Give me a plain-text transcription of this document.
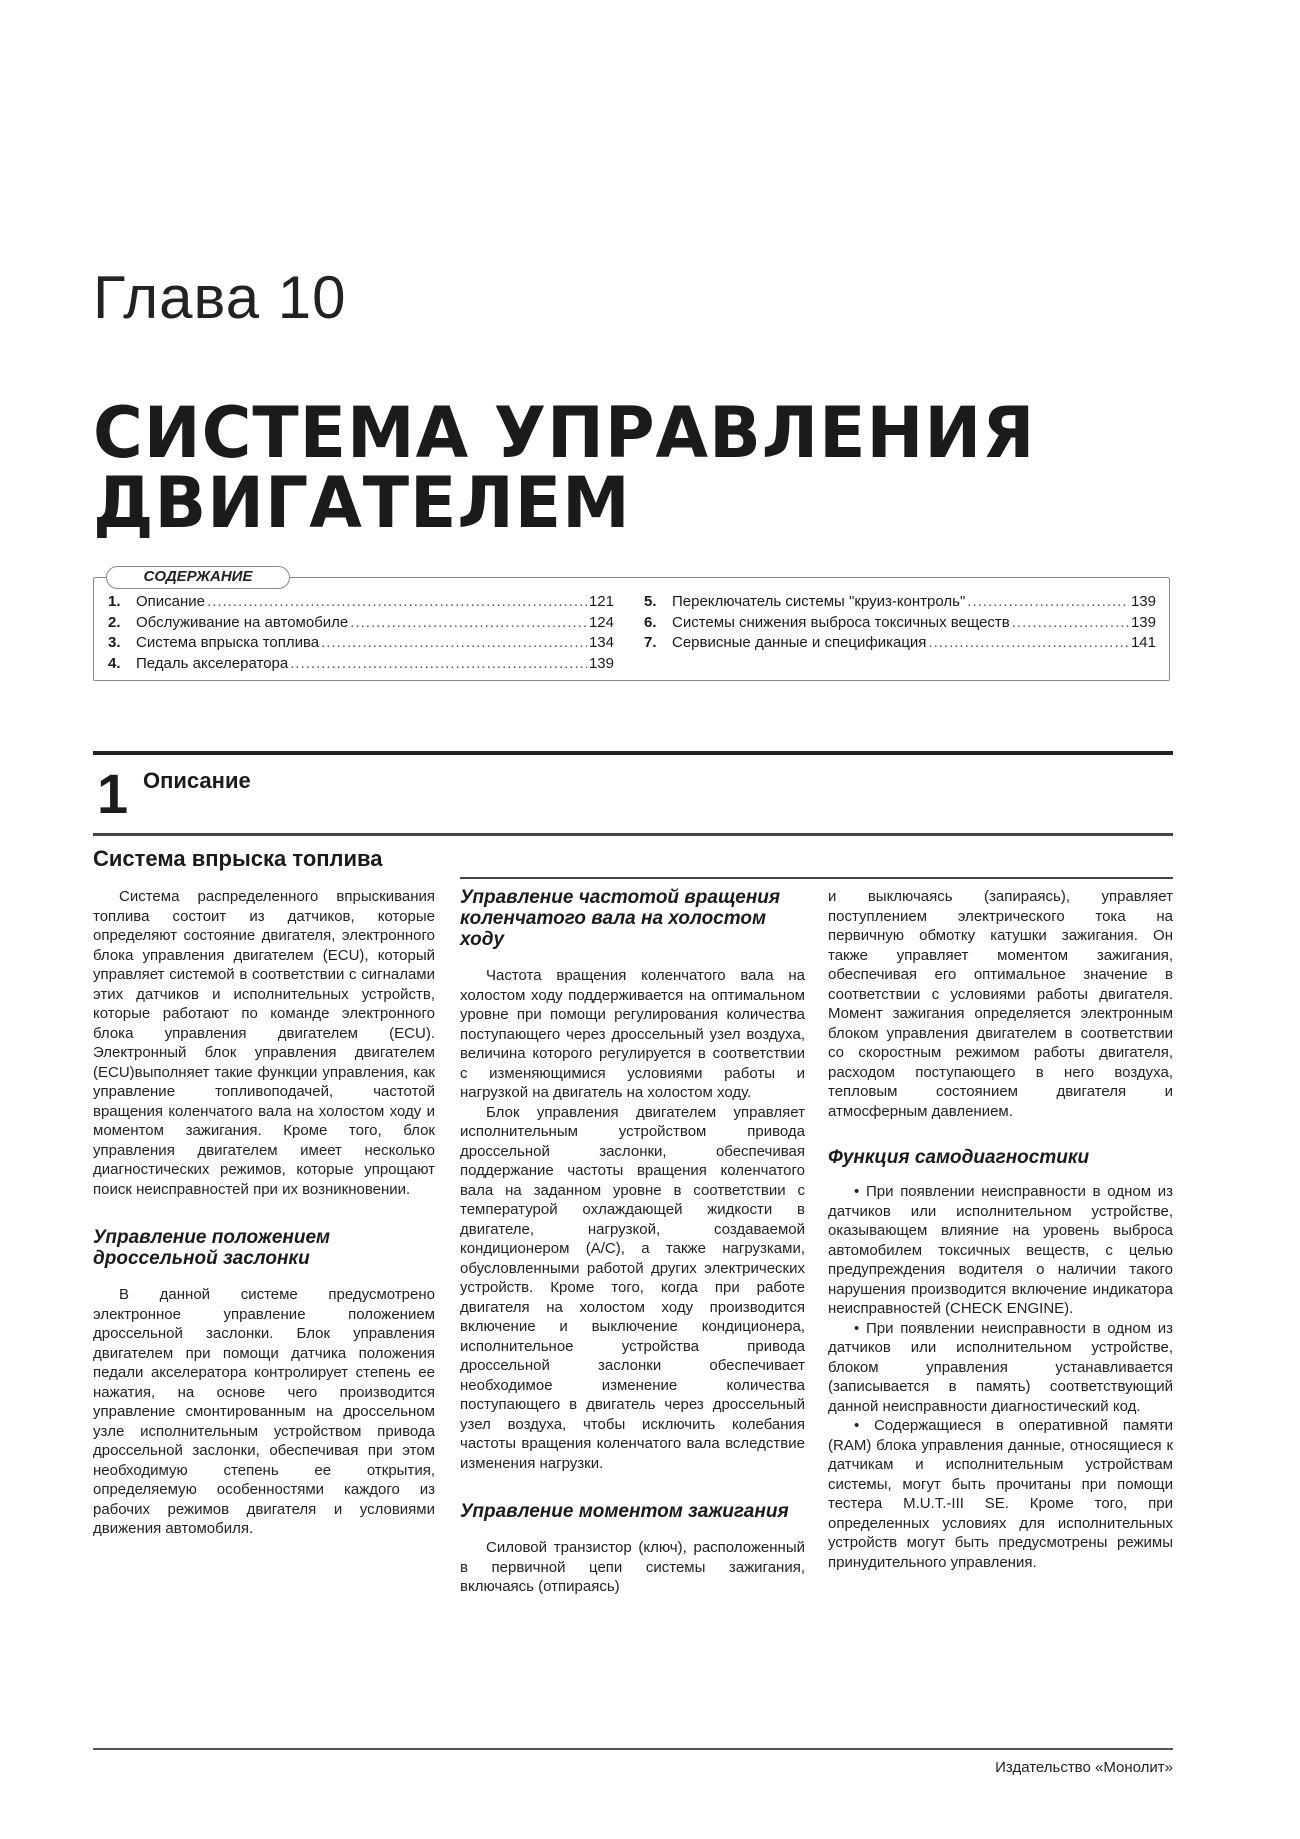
Глава 10
СИСТЕМА УПРАВЛЕНИЯ
ДВИГАТЕЛЕМ
СОДЕРЖАНИЕ
1.	Описание .....	121
2.	Обслуживание на автомобиле .....	124
3.	Система впрыска топлива .....	134
4.	Педаль акселератора .....	139
5.	Переключатель системы "круиз-контроль" .....	139
6.	Системы снижения выброса токсичных веществ .....	139
7.	Сервисные данные и спецификация .....	141
1 Описание
Система впрыска топлива

Система распределенного впрыскивания топлива состоит из датчиков, которые определяют состояние двигателя, электронного блока управления двигателем (ECU), который управляет системой в соответствии с сигналами этих датчиков и исполнительных устройств, которые работают по команде электронного блока управления двигателем (ECU). Электронный блок управления двигателем (ECU)выполняет такие функции управления, как управление топливоподачей, частотой вращения коленчатого вала на холостом ходу и моментом зажигания. Кроме того, блок управления двигателем имеет несколько диагностических режимов, которые упрощают поиск неисправностей при их возникновении.

Управление положением дроссельной заслонки

В данной системе предусмотрено электронное управление положением дроссельной заслонки. Блок управления двигателем при помощи датчика положения педали акселератора контролирует степень ее нажатия, на основе чего производится управление смонтированным на дроссельном узле исполнительным устройством привода дроссельной заслонки, обеспечивая при этом необходимую степень ее открытия, определяемую особенностями каждого из рабочих режимов двигателя и условиями движения автомобиля.

Управление частотой вращения коленчатого вала на холостом ходу

Частота вращения коленчатого вала на холостом ходу поддерживается на оптимальном уровне при помощи регулирования количества поступающего через дроссельный узел воздуха, величина которого регулируется в соответствии с изменяющимися условиями работы и нагрузкой на двигатель на холостом ходу.

Блок управления двигателем управляет исполнительным устройством привода дроссельной заслонки, обеспечивая поддержание частоты вращения коленчатого вала на заданном уровне в соответствии с температурой охлаждающей жидкости в двигателе, нагрузкой, создаваемой кондиционером (A/C), а также нагрузками, обусловленными работой других электрических устройств. Кроме того, когда при работе двигателя на холостом ходу производится включение и выключение кондиционера, исполнительное устройства привода дроссельной заслонки обеспечивает необходимое изменение количества поступающего в двигатель через дроссельный узел воздуха, чтобы исключить колебания частоты вращения коленчатого вала вследствие изменения нагрузки.

Управление моментом зажигания

Силовой транзистор (ключ), расположенный в первичной цепи системы зажигания, включаясь (отпираясь)

и выключаясь (запираясь), управляет поступлением электрического тока на первичную обмотку катушки зажигания. Он также управляет моментом зажигания, обеспечивая его оптимальное значение в соответствии с условиями работы двигателя. Момент зажигания определяется электронным блоком управления двигателем в соответствии со скоростным режимом работы двигателя, расходом поступающего в него воздуха, тепловым состоянием двигателя и атмосферным давлением.

Функция самодиагностики

• При появлении неисправности в одном из датчиков или исполнительном устройстве, оказывающем влияние на уровень выброса автомобилем токсичных веществ, с целью предупреждения водителя о наличии такого нарушения производится включение индикатора неисправностей (CHECK ENGINE).

• При появлении неисправности в одном из датчиков или исполнительном устройстве, блоком управления устанавливается (записывается в память) соответствующий данной неисправности диагностический код.

• Содержащиеся в оперативной памяти (RAM) блока управления данные, относящиеся к датчикам и исполнительным устройствам системы, могут быть прочитаны при помощи тестера M.U.T.-III SE. Кроме того, при определенных условиях для исполнительных устройств могут быть предусмотрены режимы принудительного управления.

Издательство «Монолит»
